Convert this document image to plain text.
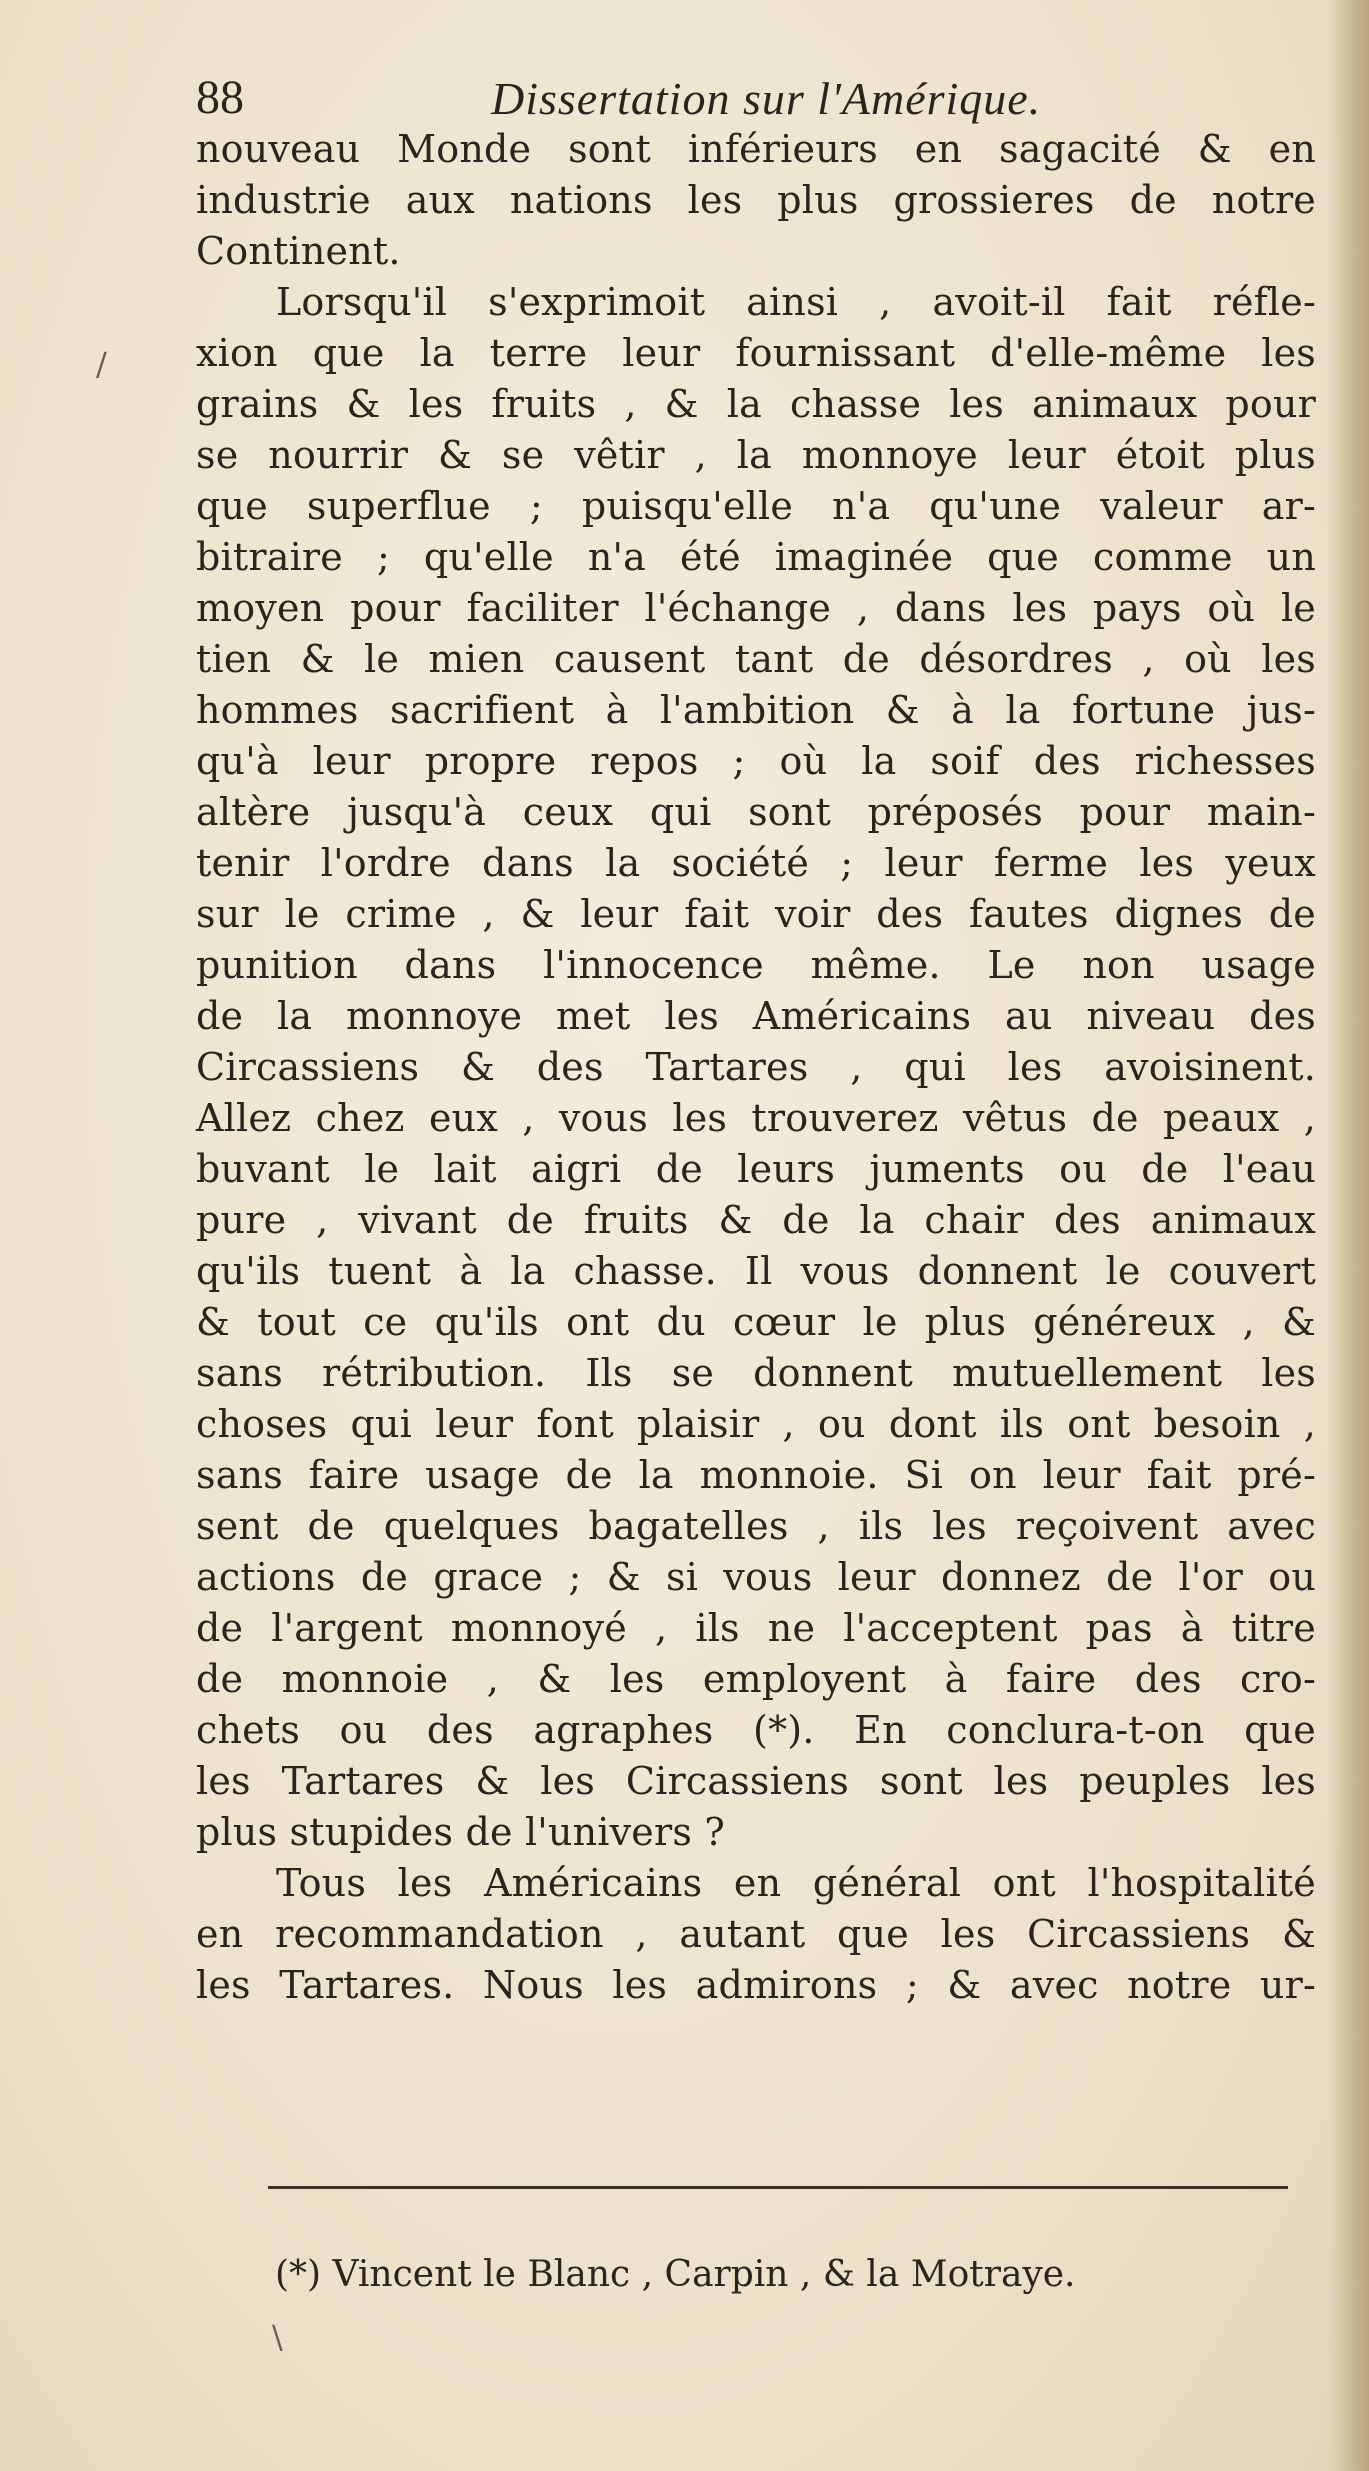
88	Dissertation sur l'Amérique.
nouveau Monde sont inférieurs en sagacité & en
industrie aux nations les plus grossieres de notre
Continent.
Lorsqu'il s'exprimoit ainsi , avoit-il fait réfle-
xion que la terre leur fournissant d'elle-même les
grains & les fruits , & la chasse les animaux pour
se nourrir & se vêtir , la monnoye leur étoit plus
que superflue ; puisqu'elle n'a qu'une valeur ar-
bitraire ; qu'elle n'a été imaginée que comme un
moyen pour faciliter l'échange , dans les pays où le
tien & le mien causent tant de désordres , où les
hommes sacrifient à l'ambition & à la fortune jus-
qu'à leur propre repos ; où la soif des richesses
altère jusqu'à ceux qui sont préposés pour main-
tenir l'ordre dans la société ; leur ferme les yeux
sur le crime , & leur fait voir des fautes dignes de
punition dans l'innocence même. Le non usage
de la monnoye met les Américains au niveau des
Circassiens & des Tartares , qui les avoisinent.
Allez chez eux , vous les trouverez vêtus de peaux ,
buvant le lait aigri de leurs juments ou de l'eau
pure , vivant de fruits & de la chair des animaux
qu'ils tuent à la chasse. Il vous donnent le couvert
& tout ce qu'ils ont du cœur le plus généreux , &
sans rétribution. Ils se donnent mutuellement les
choses qui leur font plaisir , ou dont ils ont besoin ,
sans faire usage de la monnoie. Si on leur fait pré-
sent de quelques bagatelles , ils les reçoivent avec
actions de grace ; & si vous leur donnez de l'or ou
de l'argent monnoyé , ils ne l'acceptent pas à titre
de monnoie , & les employent à faire des cro-
chets ou des agraphes (*). En conclura-t-on que
les Tartares & les Circassiens sont les peuples les
plus stupides de l'univers ?
Tous les Américains en général ont l'hospitalité
en recommandation , autant que les Circassiens &
les Tartares. Nous les admirons ; & avec notre ur-
(*) Vincent le Blanc , Carpin , & la Motraye.
/
\
